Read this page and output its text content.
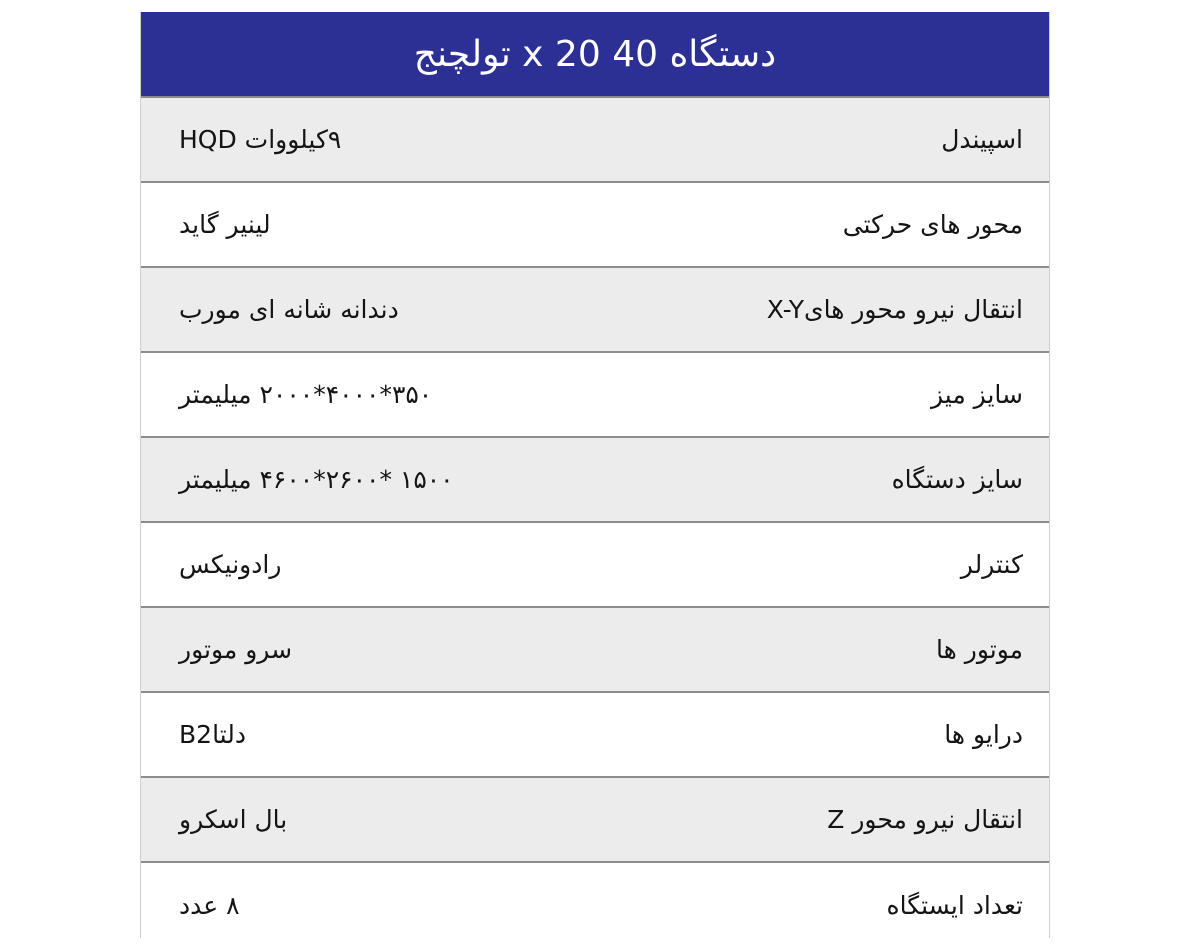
دستگاه 40 x 20 تولچنج
۹کیلووات HQD	اسپیندل
لینیر گاید	محور های حرکتی
دندانه شانه ای مورب	انتقال نیرو محور هایX-Y
۳۵۰*۴۰۰۰*۲۰۰۰ میلیمتر	سایز میز
۱۵۰۰ *۲۶۰۰*۴۶۰۰ میلیمتر	سایز دستگاه
رادونیکس	کنترلر
سرو موتور	موتور ها
دلتاB2	درایو ها
بال اسکرو	انتقال نیرو محور Z
۸ عدد	تعداد ایستگاه
